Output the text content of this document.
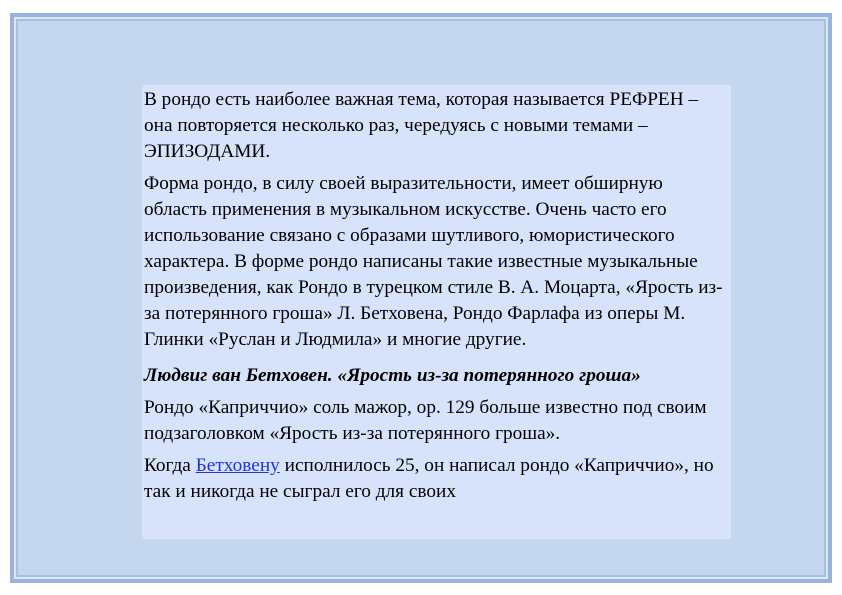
В рондо есть наиболее важная тема, которая называется РЕФРЕН – она повторяется несколько раз, чередуясь с новыми темами – ЭПИЗОДАМИ.

Форма рондо, в силу своей выразительности, имеет обширную область применения в музыкальном искусстве. Очень часто его использование связано с образами шутливого, юмористического характера. В форме рондо написаны такие известные музыкальные произведения, как Рондо в турецком стиле В. А. Моцарта, «Ярость из-за потерянного гроша» Л. Бетховена, Рондо Фарлафа из оперы М. Глинки «Руслан и Людмила» и многие другие.

Людвиг ван Бетховен. «Ярость из-за потерянного гроша»

Рондо «Каприччио» соль мажор, ор. 129 больше известно под своим подзаголовком «Ярость из-за потерянного гроша».

Когда Бетховену исполнилось 25, он написал рондо «Каприччио», но так и никогда не сыграл его для своих
